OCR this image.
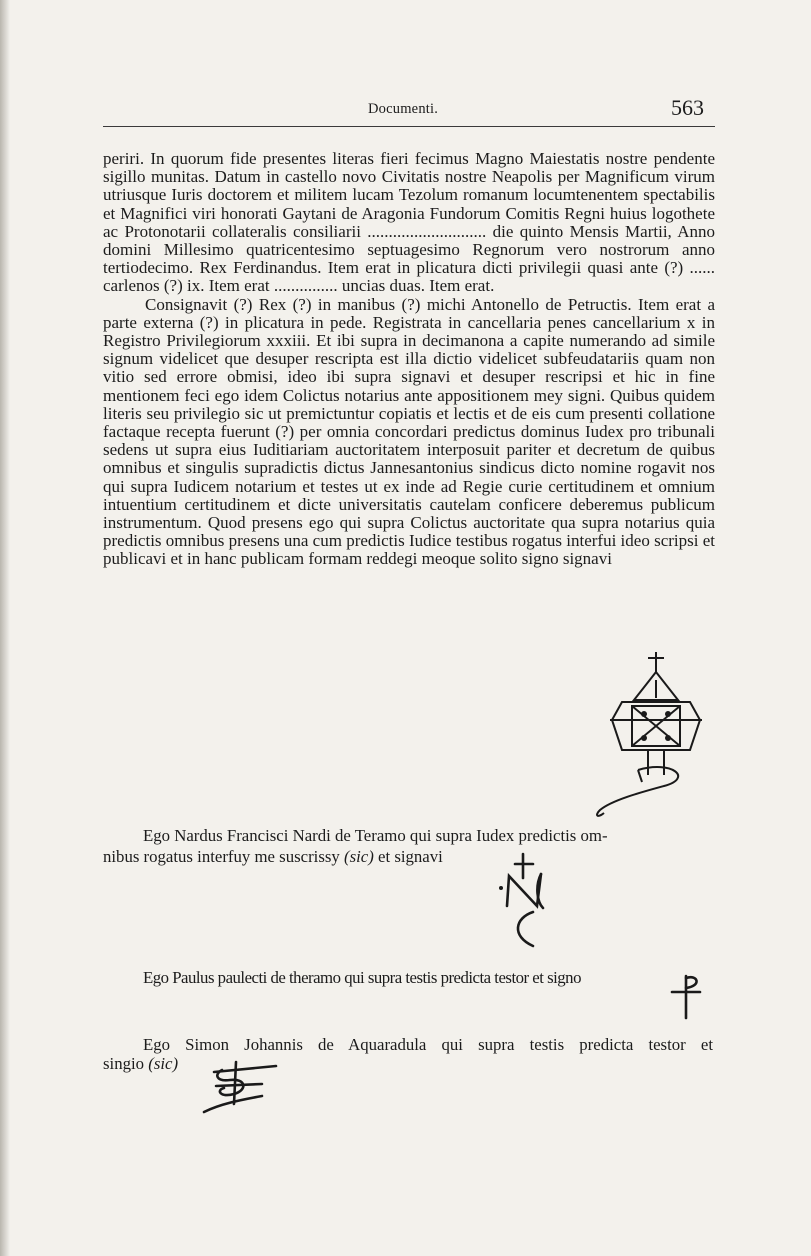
Documenti.	563

periri. In quorum fide presentes literas fieri fecimus Magno Maiestatis nostre pendente sigillo munitas. Datum in castello novo Civitatis nostre Neapolis per Magnificum virum utriusque Iuris doctorem et militem lucam Tezolum romanum locumtenentem spectabilis et Magnifici viri honorati Gaytani de Aragonia Fundorum Comitis Regni huius logothete ac Protonotarii collateralis consiliarii ............................ die quinto Mensis Martii, Anno domini Millesimo quatricentesimo septuagesimo Regnorum vero nostrorum anno tertiodecimo. Rex Ferdinandus. Item erat in plicatura dicti privilegii quasi ante (?) ...... carlenos (?) ix. Item erat ............... uncias duas. Item erat.

Consignavit (?) Rex (?) in manibus (?) michi Antonello de Petructis. Item erat a parte externa (?) in plicatura in pede. Registrata in cancellaria penes cancellarium x in Registro Privilegiorum xxxiii. Et ibi supra in decimanona a capite numerando ad simile signum videlicet que desuper rescripta est illa dictio videlicet subfeudatariis quam non vitio sed errore obmisi, ideo ibi supra signavi et desuper rescripsi et hic in fine mentionem feci ego idem Colictus notarius ante appositionem mey signi. Quibus quidem literis seu privilegio sic ut premictuntur copiatis et lectis et de eis cum presenti collatione factaque recepta fuerunt (?) per omnia concordari predictus dominus Iudex pro tribunali sedens ut supra eius Iuditiariam auctoritatem interposuit pariter et decretum de quibus omnibus et singulis supradictis dictus Jannesantonius sindicus dicto nomine rogavit nos qui supra Iudicem notarium et testes ut ex inde ad Regie curie certitudinem et omnium intuentium certitudinem et dicte universitatis cautelam conficere deberemus publicum instrumentum. Quod presens ego qui supra Colictus auctoritate qua supra notarius quia predictis omnibus presens una cum predictis Iudice testibus rogatus interfui ideo scripsi et publicavi et in hanc publicam formam reddegi meoque solito signo signavi

Ego Nardus Francisci Nardi de Teramo qui supra Iudex predictis om-
nibus rogatus interfuy me suscrissy (sic) et signavi
Ego Paulus paulecti de theramo qui supra testis predicta testor et signo
Ego Simon Johannis de Aquaradula qui supra testis predicta testor et
singio (sic)
